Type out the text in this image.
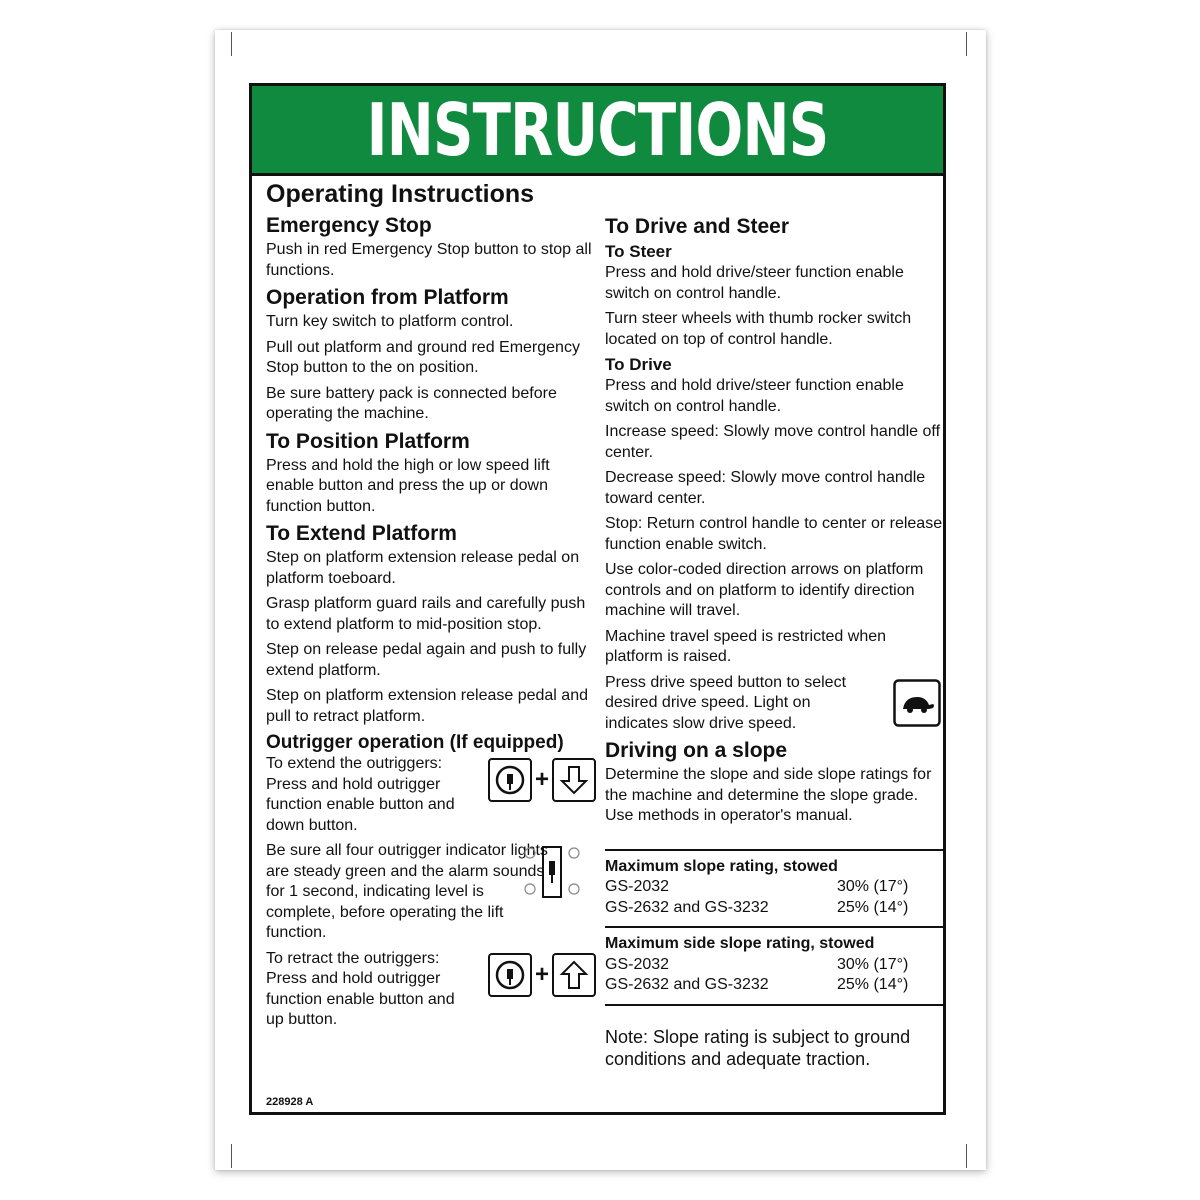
INSTRUCTIONS
Operating Instructions
Emergency Stop

Push in red Emergency Stop button to stop all functions.

Operation from Platform

Turn key switch to platform control.

Pull out platform and ground red Emergency Stop button to the on position.

Be sure battery pack is connected before operating the machine.

To Position Platform

Press and hold the high or low speed lift enable button and press the up or down function button.

To Extend Platform

Step on platform extension release pedal on platform toeboard.

Grasp platform guard rails and carefully push to extend platform to mid-position stop.

Step on release pedal again and push to fully extend platform.

Step on platform extension release pedal and pull to retract platform.

Outrigger operation (If equipped)

To extend the outriggers: Press and hold outrigger function enable button and down button.

+

Be sure all four outrigger indicator lights are steady green and the alarm sounds for 1 second, indicating level is complete, before operating the lift function.

To retract the outriggers: Press and hold outrigger function enable button and up button.

+
228928 A
To Drive and Steer
To Steer

Press and hold drive/steer function enable switch on control handle.

Turn steer wheels with thumb rocker switch located on top of control handle.

To Drive

Press and hold drive/steer function enable switch on control handle.

Increase speed: Slowly move control handle off center.

Decrease speed: Slowly move control handle toward center.

Stop: Return control handle to center or release function enable switch.

Use color-coded direction arrows on platform controls and on platform to identify direction machine will travel.

Machine travel speed is restricted when platform is raised.

Press drive speed button to select desired drive speed. Light on indicates slow drive speed.

Driving on a slope

Determine the slope and side slope ratings for the machine and determine the slope grade. Use methods in operator's manual.

Maximum slope rating, stowed
GS-2032	30% (17°)
GS-2632 and GS-3232	25% (14°)
Maximum side slope rating, stowed
GS-2032	30% (17°)
GS-2632 and GS-3232	25% (14°)

Note: Slope rating is subject to ground conditions and adequate traction.
